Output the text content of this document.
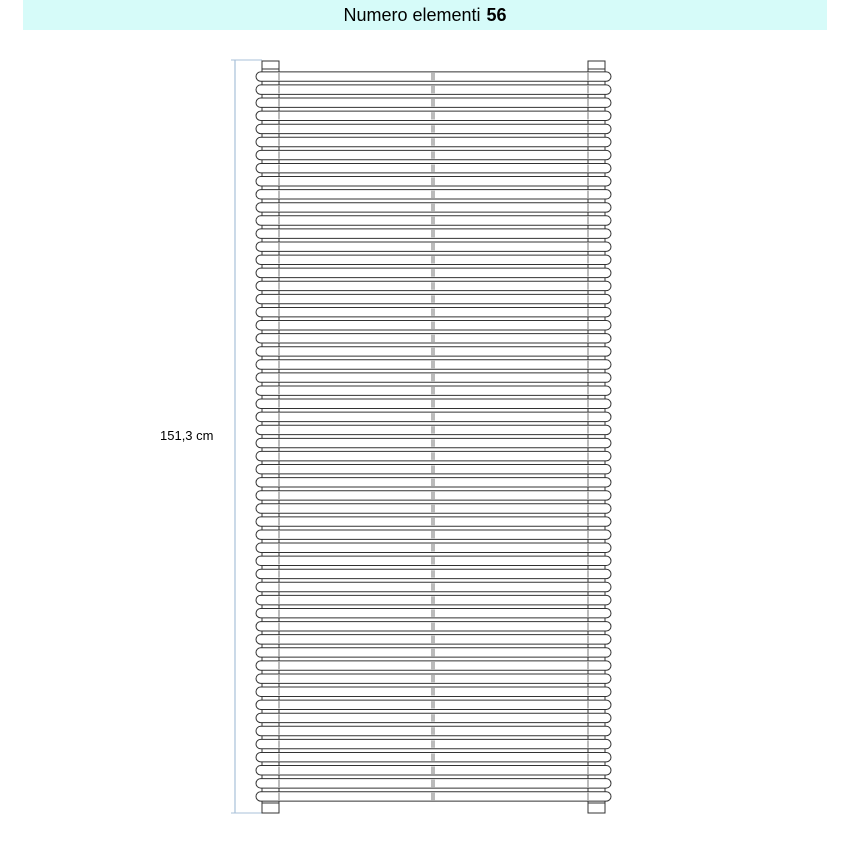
Numero elementi 56
151,3 cm
